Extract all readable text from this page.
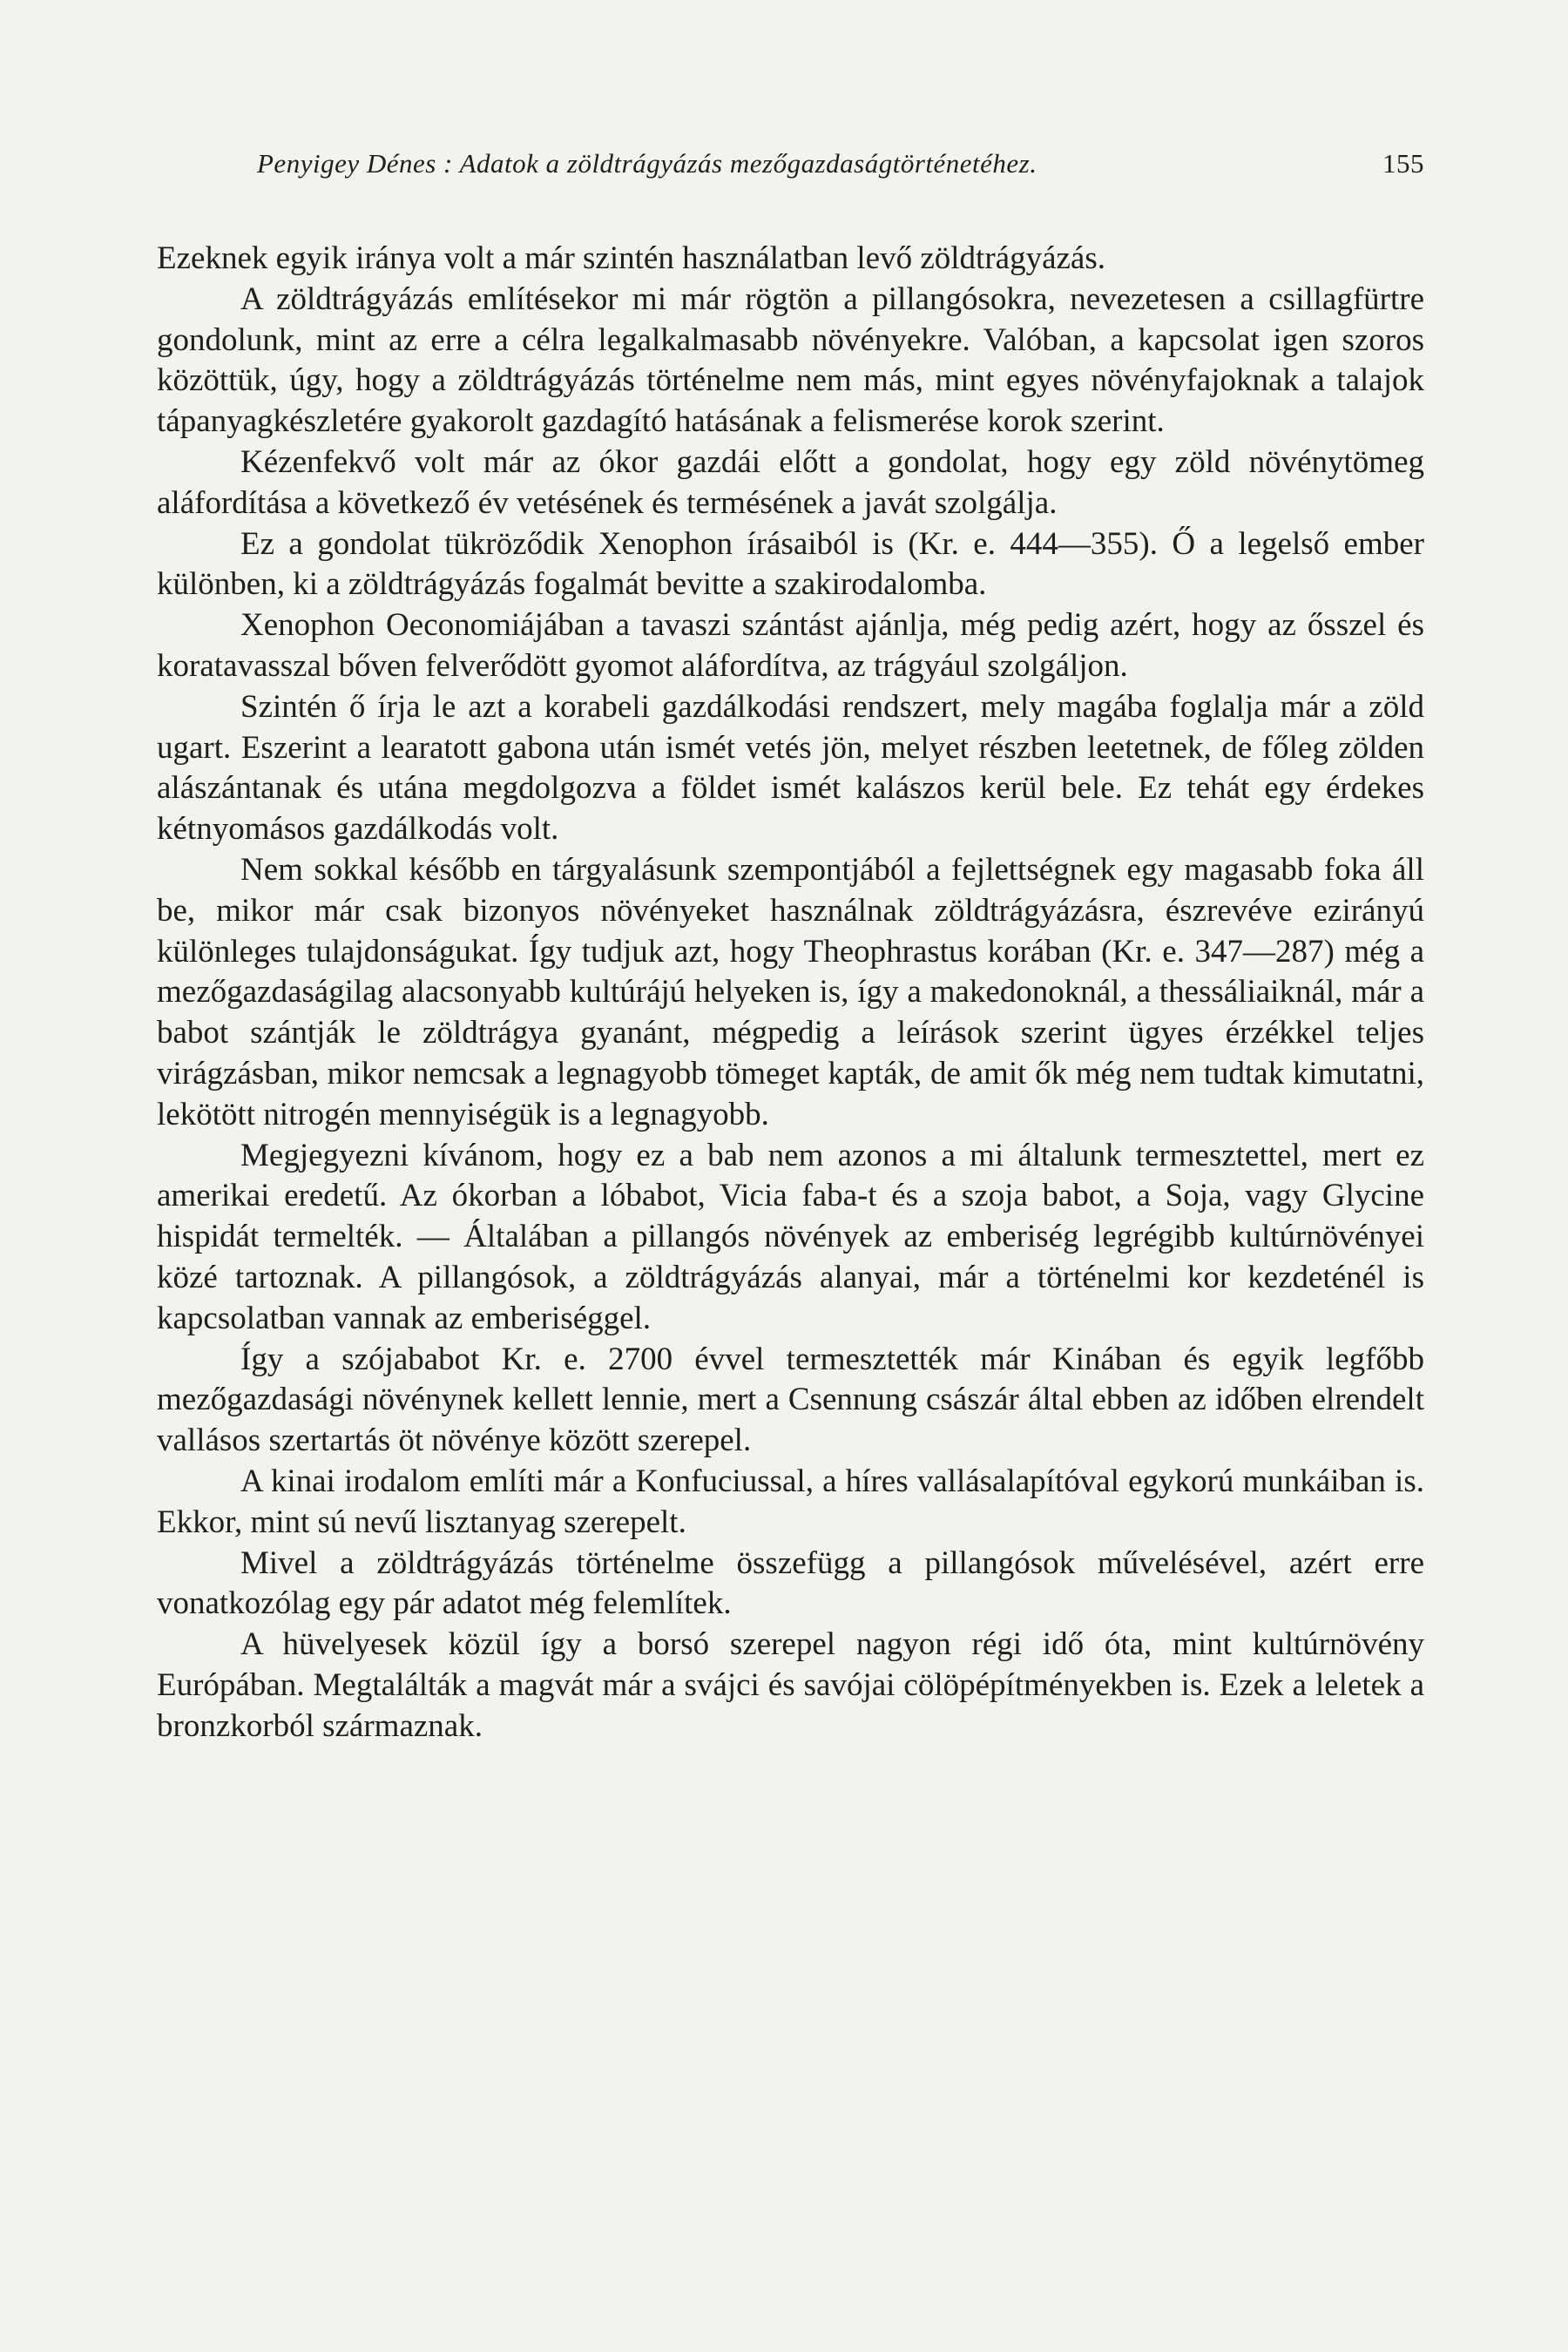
Penyigey Dénes : Adatok a zöldtrágyázás mezőgazdaságtörténetéhez.	155

Ezeknek egyik iránya volt a már szintén használatban levő zöldtrágyázás.

A zöldtrágyázás említésekor mi már rögtön a pillangósokra, nevezetesen a csillagfürtre gondolunk, mint az erre a célra legalkalmasabb növényekre. Valóban, a kapcsolat igen szoros közöttük, úgy, hogy a zöldtrágyázás történelme nem más, mint egyes növényfajoknak a talajok tápanyagkészletére gyakorolt gazdagító hatásának a felismerése korok szerint.

Kézenfekvő volt már az ókor gazdái előtt a gondolat, hogy egy zöld növénytömeg aláfordítása a következő év vetésének és termésének a javát szolgálja.

Ez a gondolat tükröződik Xenophon írásaiból is (Kr. e. 444—355). Ő a legelső ember különben, ki a zöldtrágyázás fogalmát bevitte a szakirodalomba.

Xenophon Oeconomiájában a tavaszi szántást ajánlja, még pedig azért, hogy az ősszel és koratavasszal bőven felverődött gyomot aláfordítva, az trágyául szolgáljon.

Szintén ő írja le azt a korabeli gazdálkodási rendszert, mely magába foglalja már a zöld ugart. Eszerint a learatott gabona után ismét vetés jön, melyet részben leetetnek, de főleg zölden alászántanak és utána megdolgozva a földet ismét kalászos kerül bele. Ez tehát egy érdekes kétnyomásos gazdálkodás volt.

Nem sokkal később en tárgyalásunk szempontjából a fejlettségnek egy magasabb foka áll be, mikor már csak bizonyos növényeket használnak zöldtrágyázásra, észrevéve ezirányú különleges tulajdonságukat. Így tudjuk azt, hogy Theophrastus korában (Kr. e. 347—287) még a mezőgazdaságilag alacsonyabb kultúrájú helyeken is, így a makedonoknál, a thessáliaiknál, már a babot szántják le zöldtrágya gyanánt, mégpedig a leírások szerint ügyes érzékkel teljes virágzásban, mikor nemcsak a legnagyobb tömeget kapták, de amit ők még nem tudtak kimutatni, lekötött nitrogén mennyiségük is a legnagyobb.

Megjegyezni kívánom, hogy ez a bab nem azonos a mi általunk termesztettel, mert ez amerikai eredetű. Az ókorban a lóbabot, Vicia faba-t és a szoja babot, a Soja, vagy Glycine hispidát termelték. — Általában a pillangós növények az emberiség legrégibb kultúrnövényei közé tartoznak. A pillangósok, a zöldtrágyázás alanyai, már a történelmi kor kezdeténél is kapcsolatban vannak az emberiséggel.

Így a szójababot Kr. e. 2700 évvel termesztették már Kinában és egyik legfőbb mezőgazdasági növénynek kellett lennie, mert a Csennung császár által ebben az időben elrendelt vallásos szertartás öt növénye között szerepel.

A kinai irodalom említi már a Konfuciussal, a híres vallásalapítóval egykorú munkáiban is. Ekkor, mint sú nevű lisztanyag szerepelt.

Mivel a zöldtrágyázás történelme összefügg a pillangósok művelésével, azért erre vonatkozólag egy pár adatot még felemlítek.

A hüvelyesek közül így a borsó szerepel nagyon régi idő óta, mint kultúrnövény Európában. Megtalálták a magvát már a svájci és savójai cölöpépítményekben is. Ezek a leletek a bronzkorból származnak.
